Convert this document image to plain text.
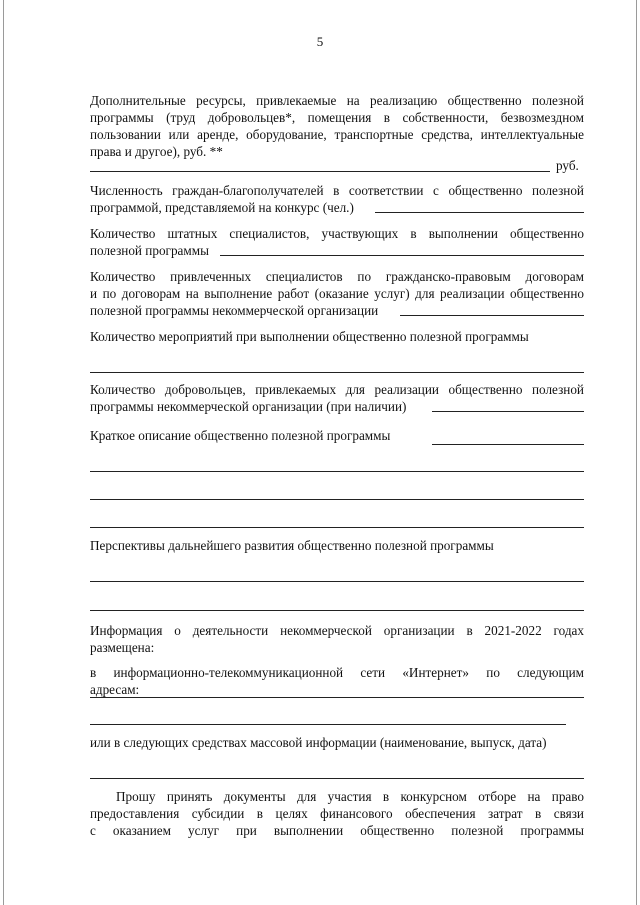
5
Дополнительные ресурсы, привлекаемые на реализацию общественно полезной
программы (труд добровольцев*, помещения в собственности, безвозмездном
пользовании или аренде, оборудование, транспортные средства, интеллектуальные
права и другое), руб. **
руб.
Численность граждан-благополучателей в соответствии с общественно полезной
программой, представляемой на конкурс (чел.)
Количество штатных специалистов, участвующих в выполнении общественно
полезной программы
Количество привлеченных специалистов по гражданско-правовым договорам
и по договорам на выполнение работ (оказание услуг) для реализации общественно
полезной программы некоммерческой организации
Количество мероприятий при выполнении общественно полезной программы
Количество добровольцев, привлекаемых для реализации общественно полезной
программы некоммерческой организации (при наличии)
Краткое описание общественно полезной программы
Перспективы дальнейшего развития общественно полезной программы
Информация о деятельности некоммерческой организации в 2021-2022 годах
размещена:
в информационно-телекоммуникационной сети «Интернет» по следующим
адресам:
или в следующих средствах массовой информации (наименование, выпуск, дата)
Прошу принять документы для участия в конкурсном отборе на право
предоставления субсидии в целях финансового обеспечения затрат в связи
с оказанием услуг при выполнении общественно полезной программы
